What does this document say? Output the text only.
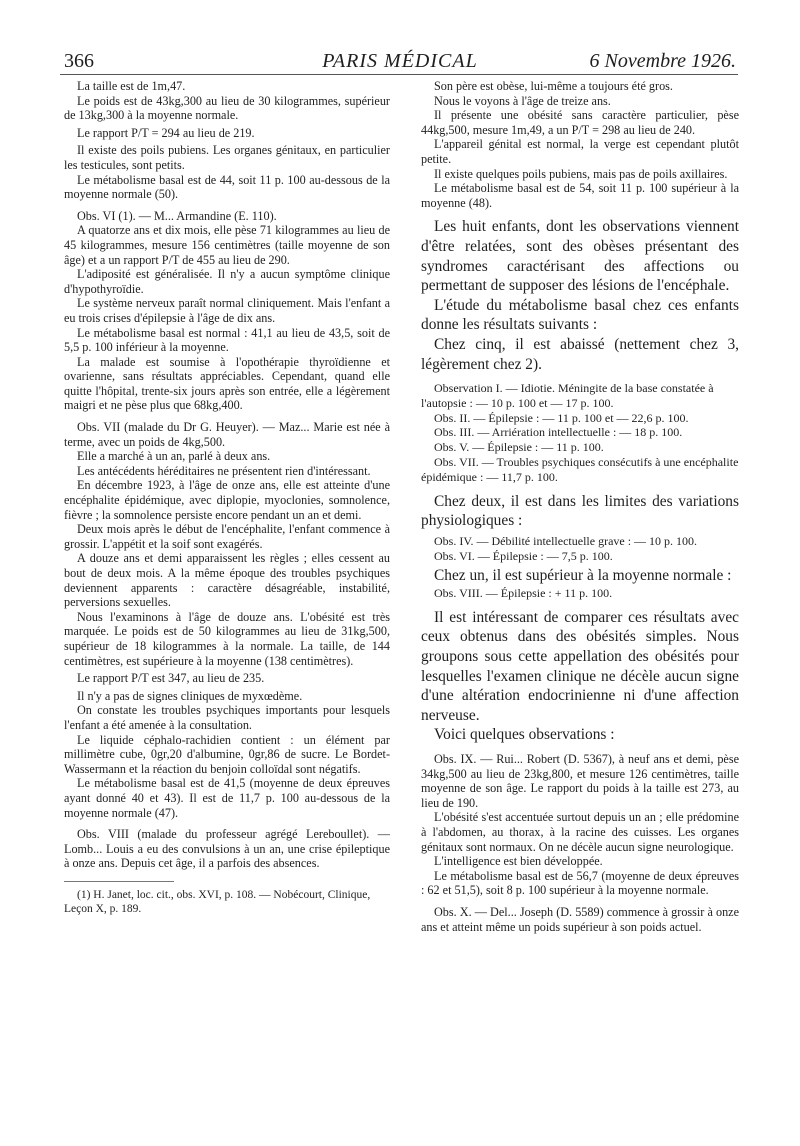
366	PARIS MÉDICAL	6 Novembre 1926.

La taille est de 1m,47.

Le poids est de 43kg,300 au lieu de 30 kilogrammes, supérieur de 13kg,300 à la moyenne normale.

Le rapport P/T = 294 au lieu de 219.

Il existe des poils pubiens. Les organes génitaux, en particulier les testicules, sont petits.

Le métabolisme basal est de 44, soit 11 p. 100 au-dessous de la moyenne normale (50).

Obs. VI (1). — M... Armandine (E. 110).

A quatorze ans et dix mois, elle pèse 71 kilogrammes au lieu de 45 kilogrammes, mesure 156 centimètres (taille moyenne de son âge) et a un rapport P/T de 455 au lieu de 290.

L'adiposité est généralisée. Il n'y a aucun symptôme clinique d'hypothyroïdie.

Le système nerveux paraît normal cliniquement. Mais l'enfant a eu trois crises d'épilepsie à l'âge de dix ans.

Le métabolisme basal est normal : 41,1 au lieu de 43,5, soit de 5,5 p. 100 inférieur à la moyenne.

La malade est soumise à l'opothérapie thyroïdienne et ovarienne, sans résultats appréciables. Cependant, quand elle quitte l'hôpital, trente-six jours après son entrée, elle a légèrement maigri et ne pèse plus que 68kg,400.

Obs. VII (malade du Dr G. Heuyer). — Maz... Marie est née à terme, avec un poids de 4kg,500.

Elle a marché à un an, parlé à deux ans.

Les antécédents héréditaires ne présentent rien d'intéressant.

En décembre 1923, à l'âge de onze ans, elle est atteinte d'une encéphalite épidémique, avec diplopie, myoclonies, somnolence, fièvre ; la somnolence persiste encore pendant un an et demi.

Deux mois après le début de l'encéphalite, l'enfant commence à grossir. L'appétit et la soif sont exagérés.

A douze ans et demi apparaissent les règles ; elles cessent au bout de deux mois. A la même époque des troubles psychiques deviennent apparents : caractère désagréable, instabilité, perversions sexuelles.

Nous l'examinons à l'âge de douze ans. L'obésité est très marquée. Le poids est de 50 kilogrammes au lieu de 31kg,500, supérieur de 18 kilogrammes à la normale. La taille, de 144 centimètres, est supérieure à la moyenne (138 centimètres).

Le rapport P/T est 347, au lieu de 235.

Il n'y a pas de signes cliniques de myxœdème.

On constate les troubles psychiques importants pour lesquels l'enfant a été amenée à la consultation.

Le liquide céphalo-rachidien contient : un élément par millimètre cube, 0gr,20 d'albumine, 0gr,86 de sucre. Le Bordet-Wassermann et la réaction du benjoin colloïdal sont négatifs.

Le métabolisme basal est de 41,5 (moyenne de deux épreuves ayant donné 40 et 43). Il est de 11,7 p. 100 au-dessous de la moyenne normale (47).

Obs. VIII (malade du professeur agrégé Lereboullet). — Lomb... Louis a eu des convulsions à un an, une crise épileptique à onze ans. Depuis cet âge, il a parfois des absences.

(1) H. Janet, loc. cit., obs. XVI, p. 108. — Nobécourt, Clinique, Leçon X, p. 189.

Son père est obèse, lui-même a toujours été gros.

Nous le voyons à l'âge de treize ans.

Il présente une obésité sans caractère particulier, pèse 44kg,500, mesure 1m,49, a un P/T = 298 au lieu de 240.

L'appareil génital est normal, la verge est cependant plutôt petite.

Il existe quelques poils pubiens, mais pas de poils axillaires.

Le métabolisme basal est de 54, soit 11 p. 100 supérieur à la moyenne (48).

Les huit enfants, dont les observations viennent d'être relatées, sont des obèses présentant des syndromes caractérisant des affections ou permettant de supposer des lésions de l'encéphale.

L'étude du métabolisme basal chez ces enfants donne les résultats suivants :

Chez cinq, il est abaissé (nettement chez 3, légèrement chez 2).

Observation I. — Idiotie. Méningite de la base constatée à l'autopsie : — 10 p. 100 et — 17 p. 100.

Obs. II. — Épilepsie : — 11 p. 100 et — 22,6 p. 100.

Obs. III. — Arriération intellectuelle : — 18 p. 100.

Obs. V. — Épilepsie : — 11 p. 100.

Obs. VII. — Troubles psychiques consécutifs à une encéphalite épidémique : — 11,7 p. 100.

Chez deux, il est dans les limites des variations physiologiques :

Obs. IV. — Débilité intellectuelle grave : — 10 p. 100.

Obs. VI. — Épilepsie : — 7,5 p. 100.

Chez un, il est supérieur à la moyenne normale :

Obs. VIII. — Épilepsie : + 11 p. 100.

Il est intéressant de comparer ces résultats avec ceux obtenus dans des obésités simples. Nous groupons sous cette appellation des obésités pour lesquelles l'examen clinique ne décèle aucun signe d'une altération endocrinienne ni d'une affection nerveuse.

Voici quelques observations :

Obs. IX. — Rui... Robert (D. 5367), à neuf ans et demi, pèse 34kg,500 au lieu de 23kg,800, et mesure 126 centimètres, taille moyenne de son âge. Le rapport du poids à la taille est 273, au lieu de 190.

L'obésité s'est accentuée surtout depuis un an ; elle prédomine à l'abdomen, au thorax, à la racine des cuisses. Les organes génitaux sont normaux. On ne décèle aucun signe neurologique.

L'intelligence est bien développée.

Le métabolisme basal est de 56,7 (moyenne de deux épreuves : 62 et 51,5), soit 8 p. 100 supérieur à la moyenne normale.

Obs. X. — Del... Joseph (D. 5589) commence à grossir à onze ans et atteint même un poids supérieur à son poids actuel.
